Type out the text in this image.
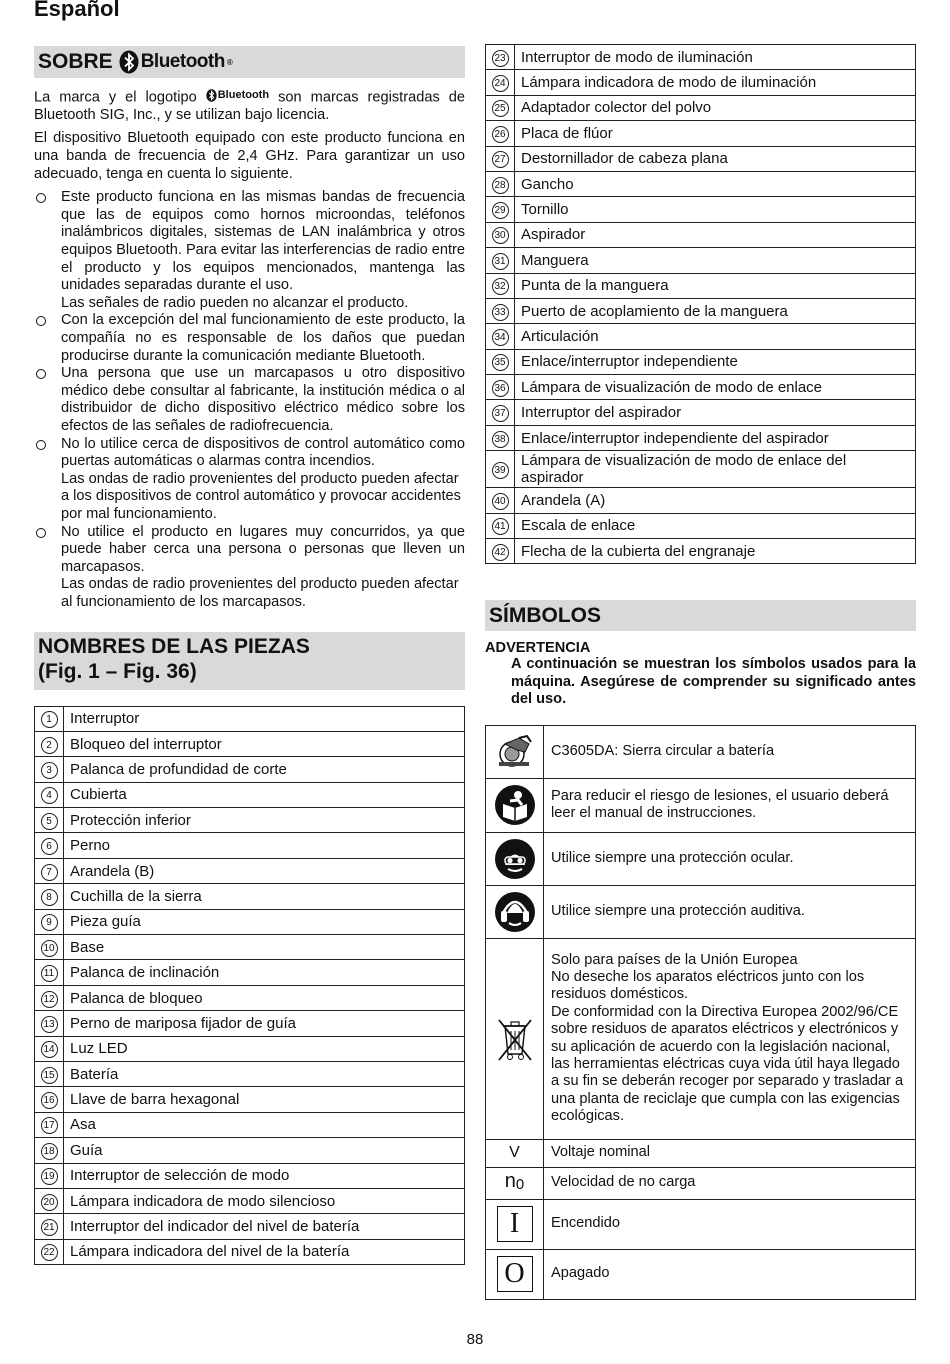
Español
SOBRE Bluetooth ®

La marca y el logotipo Bluetooth son marcas registradas de Bluetooth SIG, Inc., y se utilizan bajo licencia.

El dispositivo Bluetooth equipado con este producto funciona en una banda de frecuencia de 2,4 GHz. Para garantizar un uso adecuado, tenga en cuenta lo siguiente.

Este producto funciona en las mismas bandas de frecuencia que las de equipos como hornos microondas, teléfonos inalámbricos digitales, sistemas de LAN inalámbrica y otros equipos Bluetooth. Para evitar las interferencias de radio entre el producto y los equipos mencionados, mantenga las unidades separadas durante el uso.
Las señales de radio pueden no alcanzar el producto.
Con la excepción del mal funcionamiento de este producto, la compañía no es responsable de los daños que puedan producirse durante la comunicación mediante Bluetooth.
Una persona que use un marcapasos u otro dispositivo médico debe consultar al fabricante, la institución médica o al distribuidor de dicho dispositivo eléctrico médico sobre los efectos de las señales de radiofrecuencia.
No lo utilice cerca de dispositivos de control automático como puertas automáticas o alarmas contra incendios.
Las ondas de radio provenientes del producto pueden afectar a los dispositivos de control automático y provocar accidentes por mal funcionamiento.
No utilice el producto en lugares muy concurridos, ya que puede haber cerca una persona o personas que lleven un marcapasos.
Las ondas de radio provenientes del producto pueden afectar al funcionamiento de los marcapasos.
NOMBRES DE LAS PIEZAS
(Fig. 1 – Fig. 36)
1	Interruptor
2	Bloqueo del interruptor
3	Palanca de profundidad de corte
4	Cubierta
5	Protección inferior
6	Perno
7	Arandela (B)
8	Cuchilla de la sierra
9	Pieza guía
10	Base
11	Palanca de inclinación
12	Palanca de bloqueo
13	Perno de mariposa fijador de guía
14	Luz LED
15	Batería
16	Llave de barra hexagonal
17	Asa
18	Guía
19	Interruptor de selección de modo
20	Lámpara indicadora de modo silencioso
21	Interruptor del indicador del nivel de batería
22	Lámpara indicadora del nivel de la batería
23	Interruptor de modo de iluminación
24	Lámpara indicadora de modo de iluminación
25	Adaptador colector del polvo
26	Placa de flúor
27	Destornillador de cabeza plana
28	Gancho
29	Tornillo
30	Aspirador
31	Manguera
32	Punta de la manguera
33	Puerto de acoplamiento de la manguera
34	Articulación
35	Enlace/interruptor independiente
36	Lámpara de visualización de modo de enlace
37	Interruptor del aspirador
38	Enlace/interruptor independiente del aspirador
39	Lámpara de visualización de modo de enlace del aspirador
40	Arandela (A)
41	Escala de enlace
42	Flecha de la cubierta del engranaje
SÍMBOLOS
ADVERTENCIA
A continuación se muestran los símbolos usados para la máquina. Asegúrese de comprender su significado antes del uso.
	C3605DA: Sierra circular a batería

	Para reducir el riesgo de lesiones, el usuario deberá leer el manual de instrucciones.

	Utilice siempre una protección ocular.

	Utilice siempre una protección auditiva.

Solo para países de la Unión Europea
No deseche los aparatos eléctricos junto con los residuos domésticos.
De conformidad con la Directiva Europea 2002/96/CE sobre residuos de aparatos eléctricos y electrónicos y su aplicación de acuerdo con la legislación nacional, las herramientas eléctricas cuya vida útil haya llegado a su fin se deberán recoger por separado y trasladar a una planta de reciclaje que cumpla con las exigencias ecológicas.

V	Voltaje nominal
$n_0$	Velocidad de no carga

I	Encendido

O	Apagado
88
